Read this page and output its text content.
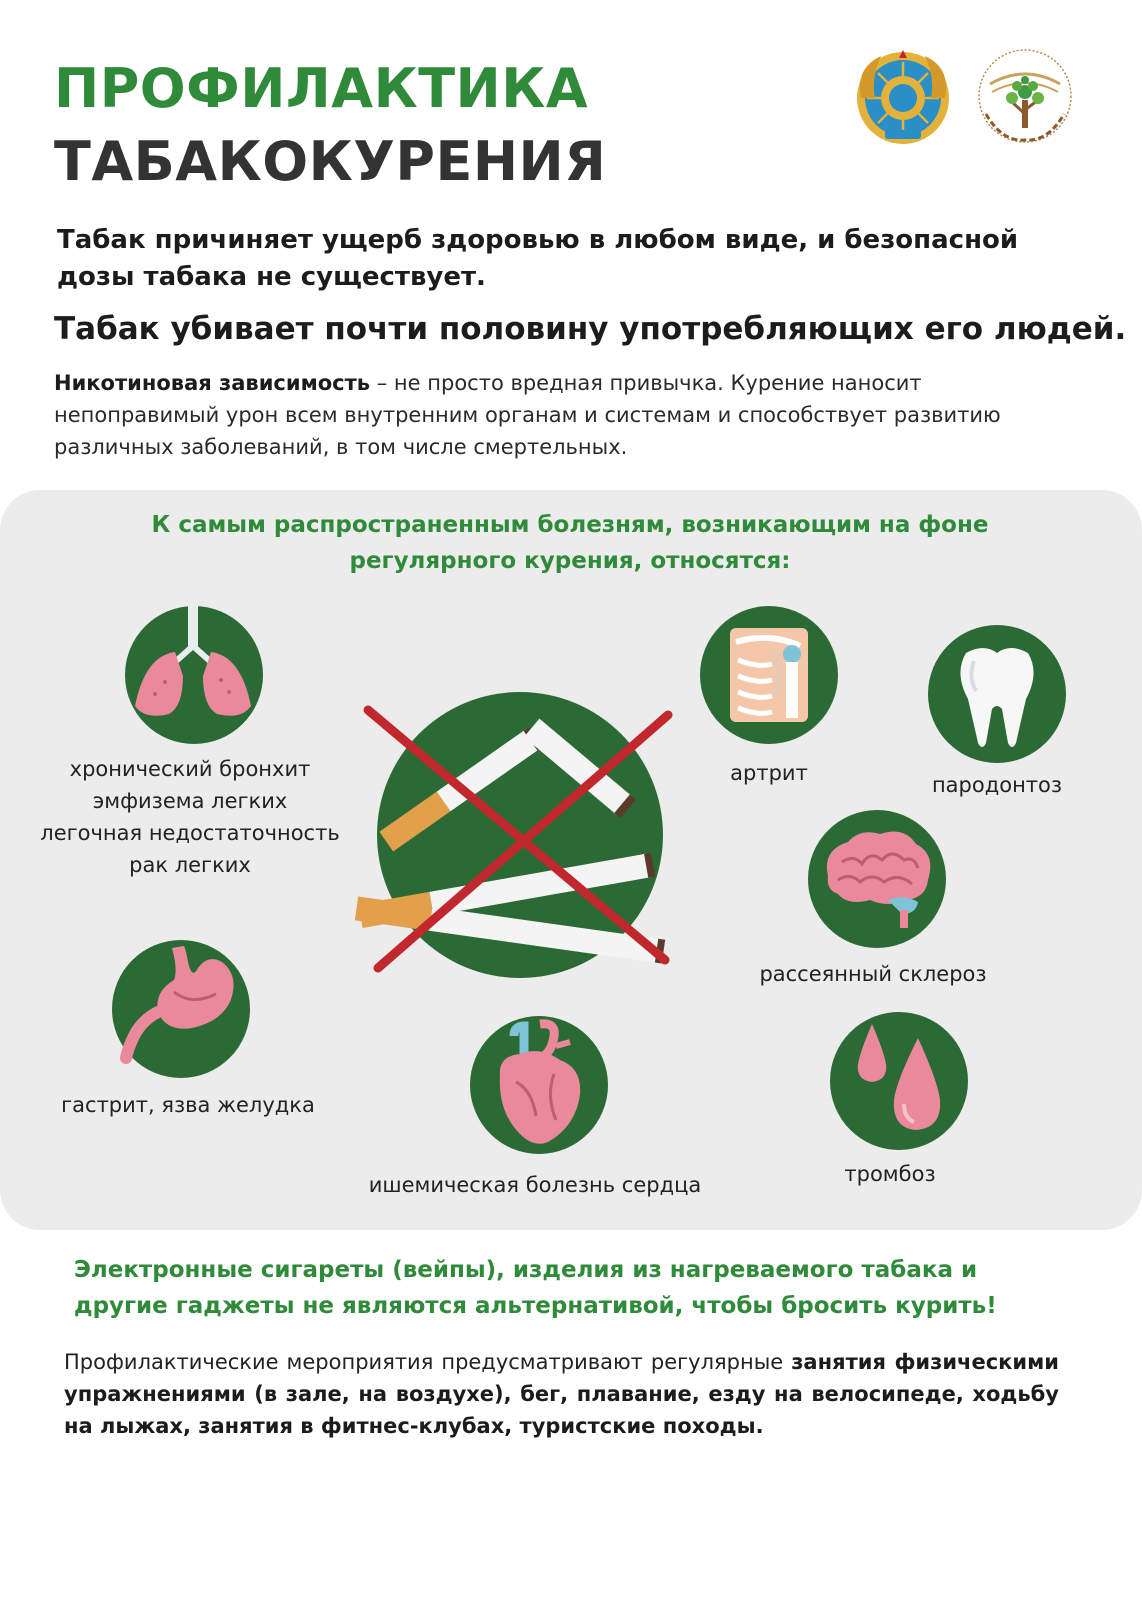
ПРОФИЛАКТИКА
ТАБАКОКУРЕНИЯ
Табак причиняет ущерб здоровью в любом виде, и безопасной дозы табака не существует.
Табак убивает почти половину употребляющих его людей.
Никотиновая зависимость – не просто вредная привычка. Курение наносит непоправимый урон всем внутренним органам и системам и способствует развитию различных заболеваний, в том числе смертельных.
К самым распространенным болезням, возникающим на фоне регулярного курения, относятся:
хронический бронхит
эмфизема легких
легочная недостаточность
рак легких
артрит	пародонтоз
рассеянный склероз
гастрит, язва желудка
ишемическая болезнь сердца	тромбоз
Электронные сигареты (вейпы), изделия из нагреваемого табака и другие гаджеты не являются альтернативой, чтобы бросить курить!
Профилактические мероприятия предусматривают регулярные занятия физическими упражнениями (в зале, на воздухе), бег, плавание, езду на велосипеде, ходьбу на лыжах, занятия в фитнес-клубах, туристские походы.
